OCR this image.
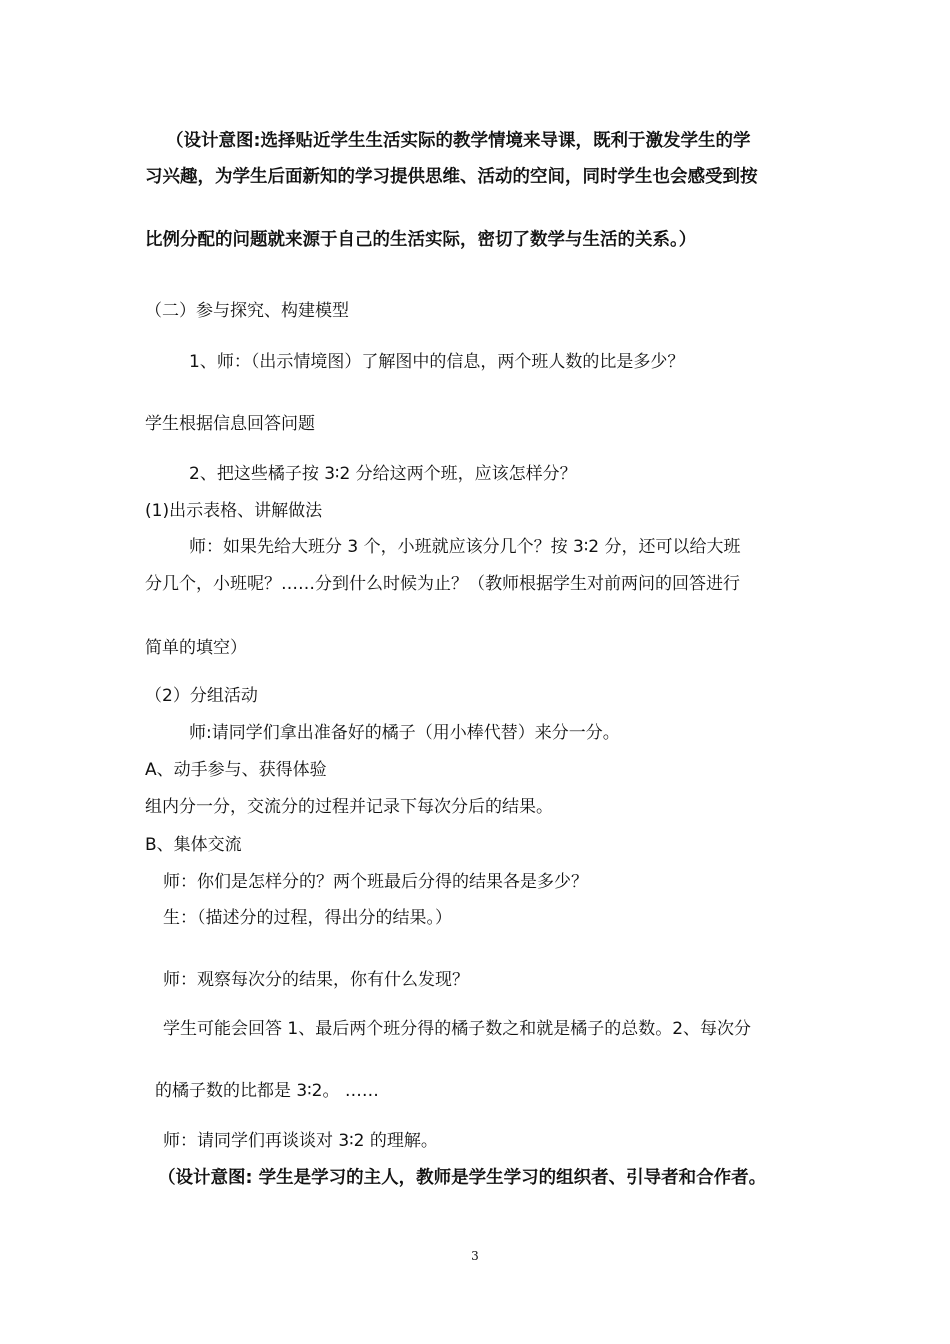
（设计意图:选择贴近学生生活实际的教学情境来导课，既利于激发学生的学

习兴趣，为学生后面新知的学习提供思维、活动的空间，同时学生也会感受到按

比例分配的问题就来源于自己的生活实际，密切了数学与生活的关系。）

（二）参与探究、构建模型

1、师：（出示情境图）了解图中的信息，两个班人数的比是多少？

学生根据信息回答问题

2、把这些橘子按 3∶2 分给这两个班，应该怎样分？

(1)出示表格、讲解做法

师：如果先给大班分 3 个，小班就应该分几个？按 3∶2 分，还可以给大班

分几个，小班呢？……分到什么时候为止？（教师根据学生对前两问的回答进行

简单的填空）

（2）分组活动

师:请同学们拿出准备好的橘子（用小棒代替）来分一分。

A、动手参与、获得体验

组内分一分，交流分的过程并记录下每次分后的结果。

B、集体交流

师：你们是怎样分的？两个班最后分得的结果各是多少？

生：（描述分的过程，得出分的结果。）

师：观察每次分的结果，你有什么发现？

学生可能会回答 1、最后两个班分得的橘子数之和就是橘子的总数。2、每次分

的橘子数的比都是 3∶2。 ……

师：请同学们再谈谈对 3∶2 的理解。

（设计意图: 学生是学习的主人，教师是学生学习的组织者、引导者和合作者。

3
